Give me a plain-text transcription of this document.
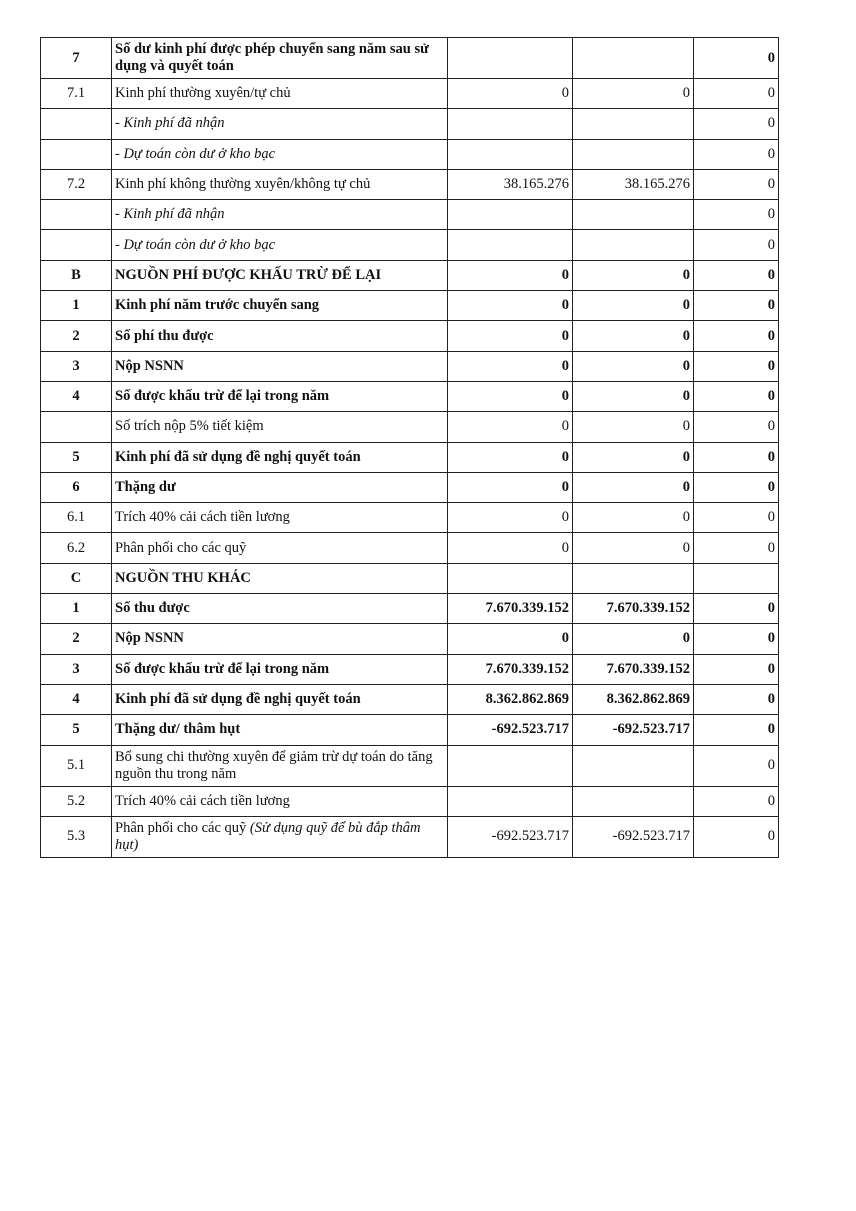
7	Số dư kinh phí được phép chuyển sang năm sau sử dụng và quyết toán			0
7.1	Kinh phí thường xuyên/tự chủ	0	0	0
	- Kinh phí đã nhận			0
	- Dự toán còn dư ở kho bạc			0
7.2	Kinh phí không thường xuyên/không tự chủ	38.165.276	38.165.276	0
	- Kinh phí đã nhận			0
	- Dự toán còn dư ở kho bạc			0
B	NGUỒN PHÍ ĐƯỢC KHẤU TRỪ ĐỂ LẠI	0	0	0
1	Kinh phí năm trước chuyển sang	0	0	0
2	Số phí thu được	0	0	0
3	Nộp NSNN	0	0	0
4	Số được khấu trừ để lại trong năm	0	0	0
	Số trích nộp 5% tiết kiệm	0	0	0
5	Kinh phí đã sử dụng đề nghị quyết toán	0	0	0
6	Thặng dư	0	0	0
6.1	Trích 40% cải cách tiền lương	0	0	0
6.2	Phân phối cho các quỹ	0	0	0
C	NGUỒN THU KHÁC			
1	Số thu được	7.670.339.152	7.670.339.152	0
2	Nộp NSNN	0	0	0
3	Số được khấu trừ để lại trong năm	7.670.339.152	7.670.339.152	0
4	Kinh phí đã sử dụng đề nghị quyết toán	8.362.862.869	8.362.862.869	0
5	Thặng dư/ thâm hụt	-692.523.717	-692.523.717	0
5.1	Bổ sung chi thường xuyên để giảm trừ dự toán do tăng nguồn thu trong năm			0
5.2	Trích 40% cải cách tiền lương			0
5.3	Phân phối cho các quỹ (Sử dụng quỹ để bù đắp thâm hụt)	-692.523.717	-692.523.717	0
